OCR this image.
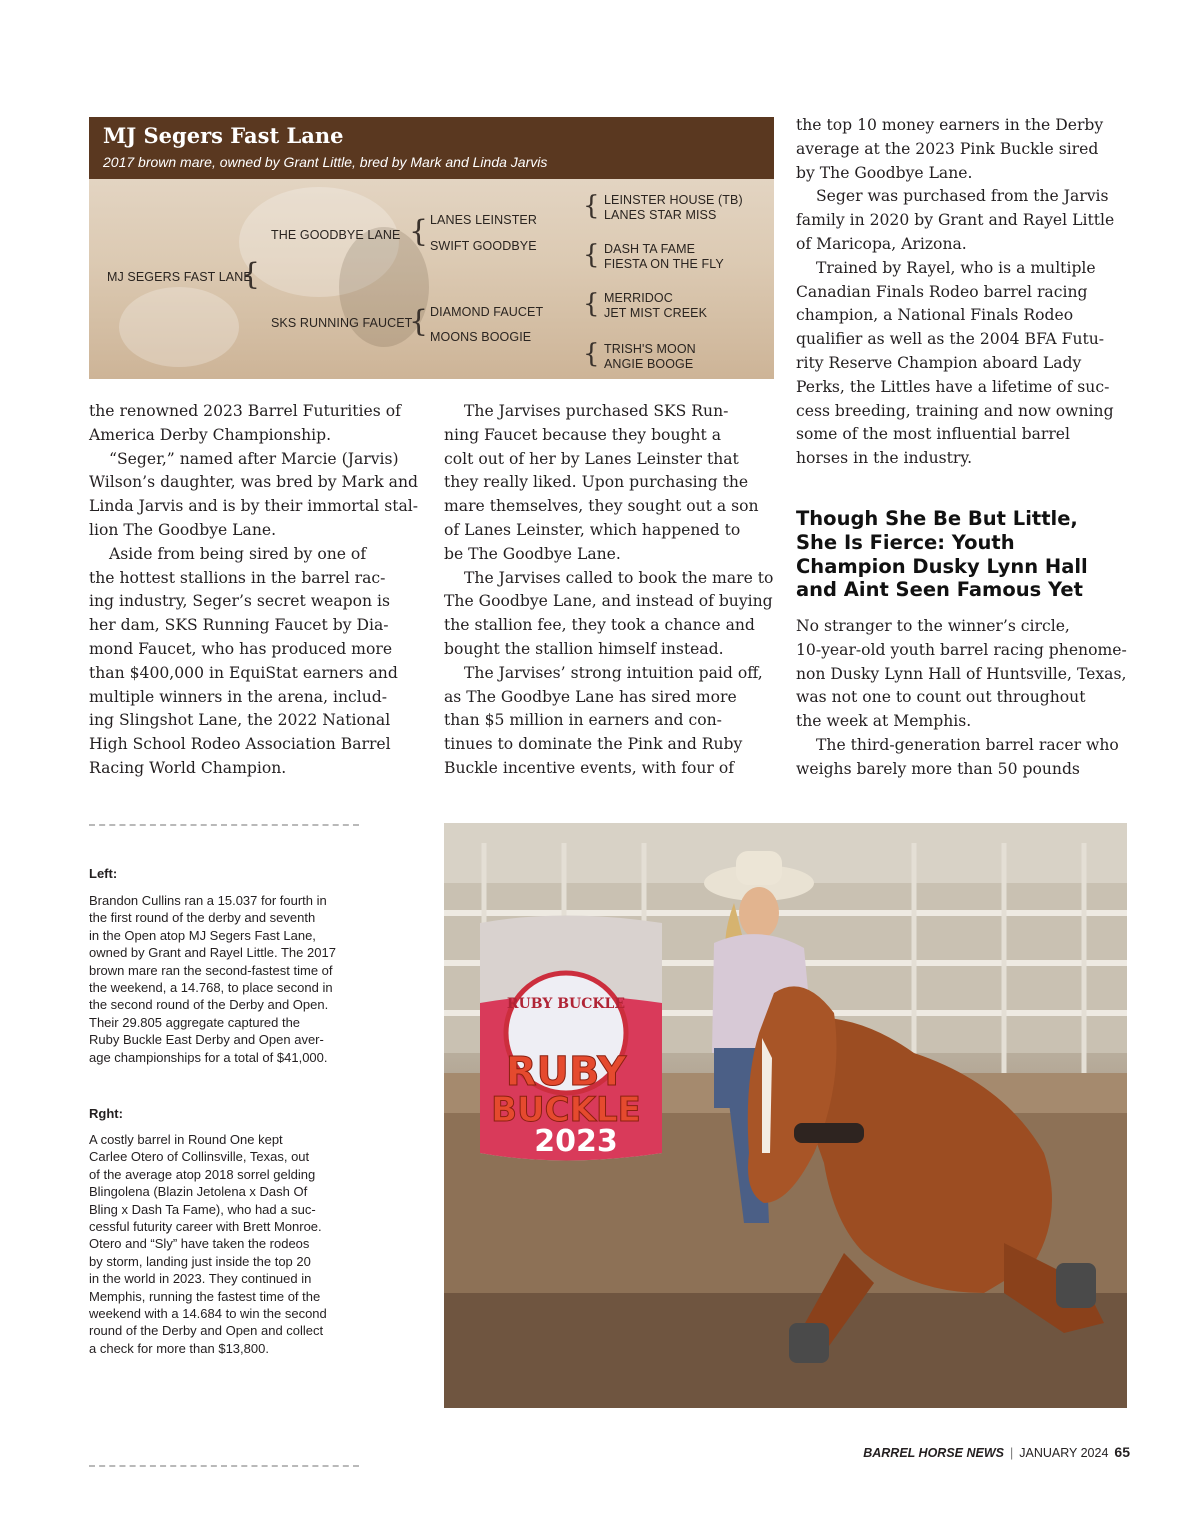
MJ Segers Fast Lane
2017 brown mare, owned by Grant Little, bred by Mark and Linda Jarvis
MJ SEGERS FAST LANE
{
THE GOODBYE LANE
SKS RUNNING FAUCET
{
{
LANES LEINSTER
SWIFT GOODBYE
DIAMOND FAUCET
MOONS BOOGIE
{
{
{
{
LEINSTER HOUSE (TB)
LANES STAR MISS
DASH TA FAME
FIESTA ON THE FLY
MERRIDOC
JET MIST CREEK
TRISH'S MOON
ANGIE BOOGE

the renowned 2023 Barrel Futurities of

America Derby Championship.

“Seger,” named after Marcie (Jarvis)

Wilson’s daughter, was bred by Mark and

Linda Jarvis and is by their immortal stal-

lion The Goodbye Lane.

Aside from being sired by one of

the hottest stallions in the barrel rac-

ing industry, Seger’s secret weapon is

her dam, SKS Running Faucet by Dia-

mond Faucet, who has produced more

than $400,000 in EquiStat earners and

multiple winners in the arena, includ-

ing Slingshot Lane, the 2022 National

High School Rodeo Association Barrel

Racing World Champion.

The Jarvises purchased SKS Run-

ning Faucet because they bought a

colt out of her by Lanes Leinster that

they really liked. Upon purchasing the

mare themselves, they sought out a son

of Lanes Leinster, which happened to

be The Goodbye Lane.

The Jarvises called to book the mare to

The Goodbye Lane, and instead of buying

the stallion fee, they took a chance and

bought the stallion himself instead.

The Jarvises’ strong intuition paid off,

as The Goodbye Lane has sired more

than $5 million in earners and con-

tinues to dominate the Pink and Ruby

Buckle incentive events, with four of

the top 10 money earners in the Derby

average at the 2023 Pink Buckle sired

by The Goodbye Lane.

Seger was purchased from the Jarvis

family in 2020 by Grant and Rayel Little

of Maricopa, Arizona.

Trained by Rayel, who is a multiple

Canadian Finals Rodeo barrel racing

champion, a National Finals Rodeo

qualifier as well as the 2004 BFA Futu-

rity Reserve Champion aboard Lady

Perks, the Littles have a lifetime of suc-

cess breeding, training and now owning

some of the most influential barrel

horses in the industry.

Though She Be But Little,
She Is Fierce: Youth
Champion Dusky Lynn Hall
and Aint Seen Famous Yet

No stranger to the winner’s circle,

10-year-old youth barrel racing phenome-

non Dusky Lynn Hall of Huntsville, Texas,

was not one to count out throughout

the week at Memphis.

The third-generation barrel racer who

weighs barely more than 50 pounds

Left:
Brandon Cullins ran a 15.037 for fourth in
the first round of the derby and seventh
in the Open atop MJ Segers Fast Lane,
owned by Grant and Rayel Little. The 2017
brown mare ran the second-fastest time of
the weekend, a 14.768, to place second in
the second round of the Derby and Open.
Their 29.805 aggregate captured the
Ruby Buckle East Derby and Open aver-
age championships for a total of $41,000.
Rght:
A costly barrel in Round One kept
Carlee Otero of Collinsville, Texas, out
of the average atop 2018 sorrel gelding
Blingolena (Blazin Jetolena x Dash Of
Bling x Dash Ta Fame), who had a suc-
cessful futurity career with Brett Monroe.
Otero and “Sly” have taken the rodeos
by storm, landing just inside the top 20
in the world in 2023. They continued in
Memphis, running the fastest time of the
weekend with a 14.684 to win the second
round of the Derby and Open and collect
a check for more than $13,800.
RUBY BUCKLE
RUBY
BUCKLE
2023
BARREL HORSE NEWS | JANUARY 2024 65
